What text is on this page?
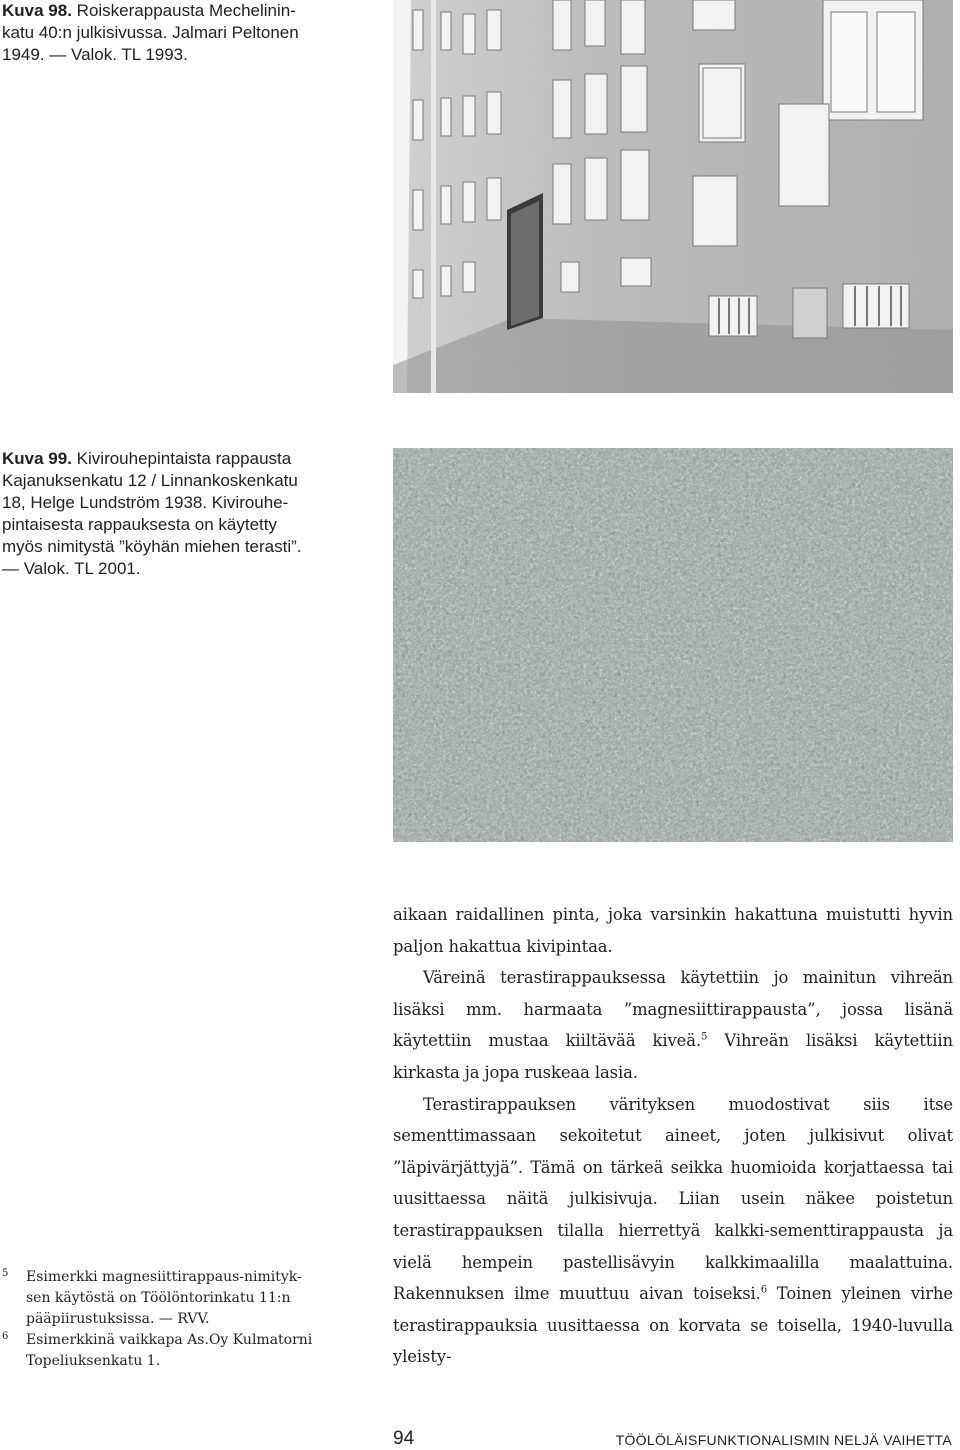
Kuva 98. Roiskerappausta Mechelinin-
katu 40:n julkisivussa. Jalmari Peltonen
1949. — Valok. TL 1993.
Kuva 99. Kivirouhepintaista rappausta
Kajanuksenkatu 12 / Linnankoskenkatu
18, Helge Lundström 1938. Kivirouhe-
pintaisesta rappauksesta on käytetty
myös nimitystä ”köyhän miehen terasti”.
— Valok. TL 2001.

aikaan raidallinen pinta, joka varsinkin hakattuna muistutti hyvin paljon hakattua kivipintaa.

Väreinä terastirappauksessa käytettiin jo mainitun vihreän lisäksi mm. harmaata ”magnesiittirappausta”, jossa lisänä käytettiin mustaa kiiltävää kiveä.$^5$ Vihreän lisäksi käytettiin kirkasta ja jopa ruskeaa lasia.

Terastirappauksen värityksen muodostivat siis itse sementtimassaan sekoitetut aineet, joten julkisivut olivat ”läpivärjättyjä”. Tämä on tärkeä seikka huomioida korjattaessa tai uusittaessa näitä julkisivuja. Liian usein näkee poistetun terastirappauksen tilalla hierrettyä kalkki-sementtirappausta ja vielä hempein pastellisävyin kalkkimaalilla maalattuina. Rakennuksen ilme muuttuu aivan toiseksi.$^6$ Toinen yleinen virhe terastirappauksia uusittaessa on korvata se toisella, 1940-luvulla yleisty-

5 Esimerkki magnesiittirappaus-nimityk-
sen käytöstä on Töölöntorinkatu 11:n
pääpiirustuksissa. — RVV.
6 Esimerkkinä vaikkapa As.Oy Kulmatorni
Topeliuksenkatu 1.
94	TÖÖLÖLÄISFUNKTIONALISMIN NELJÄ VAIHETTA
